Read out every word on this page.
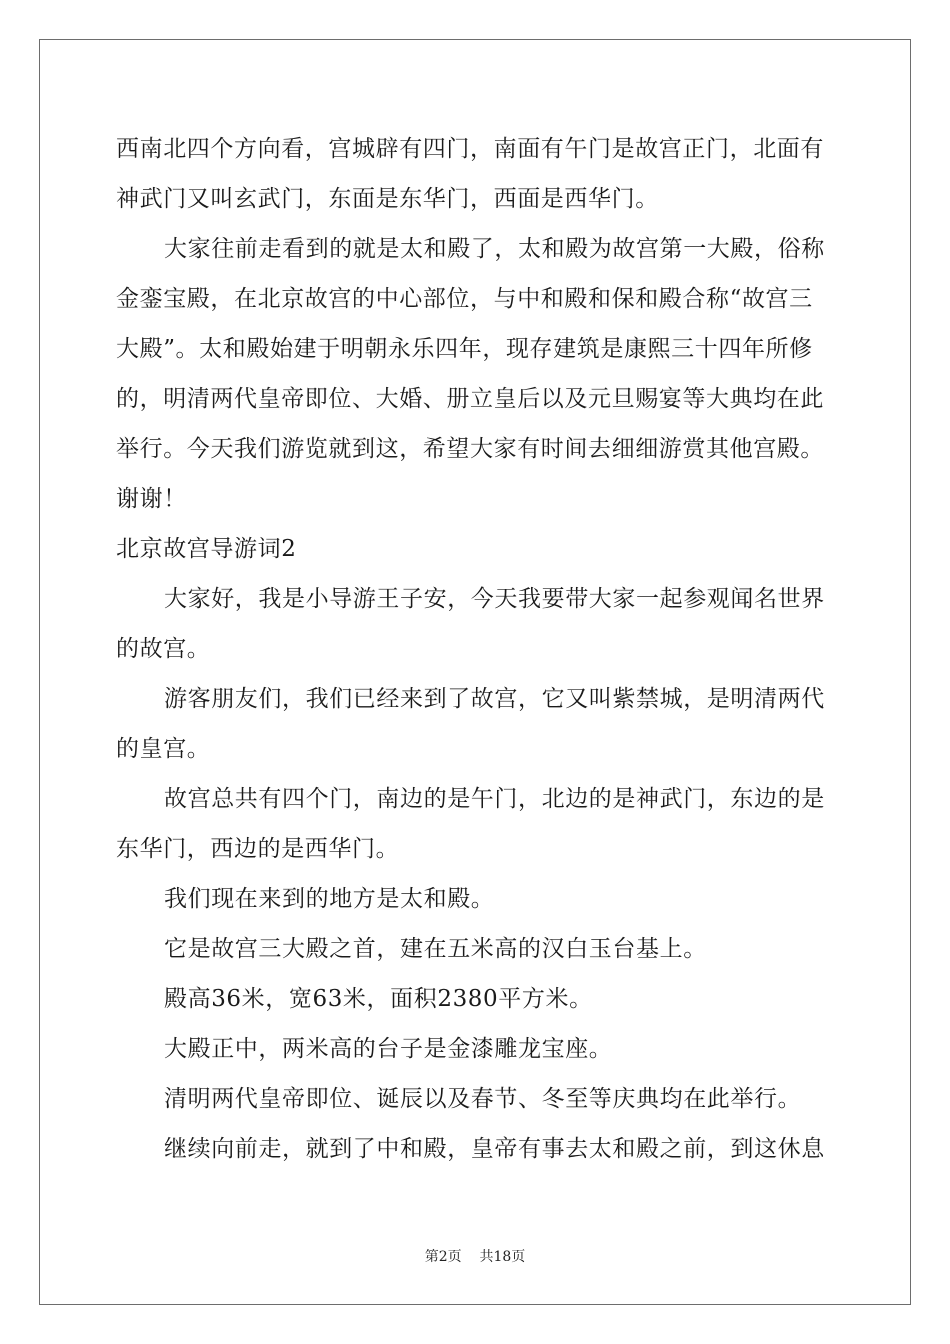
西南北四个方向看，宫城辟有四门，南面有午门是故宫正门，北面有
神武门又叫玄武门，东面是东华门，西面是西华门。
大家往前走看到的就是太和殿了，太和殿为故宫第一大殿，俗称
金銮宝殿，在北京故宫的中心部位，与中和殿和保和殿合称“故宫三
大殿”。太和殿始建于明朝永乐四年，现存建筑是康熙三十四年所修
的，明清两代皇帝即位、大婚、册立皇后以及元旦赐宴等大典均在此
举行。今天我们游览就到这，希望大家有时间去细细游赏其他宫殿。
谢谢！
北京故宫导游词2
大家好，我是小导游王子安，今天我要带大家一起参观闻名世界
的故宫。
游客朋友们，我们已经来到了故宫，它又叫紫禁城，是明清两代
的皇宫。
故宫总共有四个门，南边的是午门，北边的是神武门，东边的是
东华门，西边的是西华门。
我们现在来到的地方是太和殿。
它是故宫三大殿之首，建在五米高的汉白玉台基上。
殿高36米，宽63米，面积2380平方米。
大殿正中，两米高的台子是金漆雕龙宝座。
清明两代皇帝即位、诞辰以及春节、冬至等庆典均在此举行。
继续向前走，就到了中和殿，皇帝有事去太和殿之前，到这休息
第2页    共18页
